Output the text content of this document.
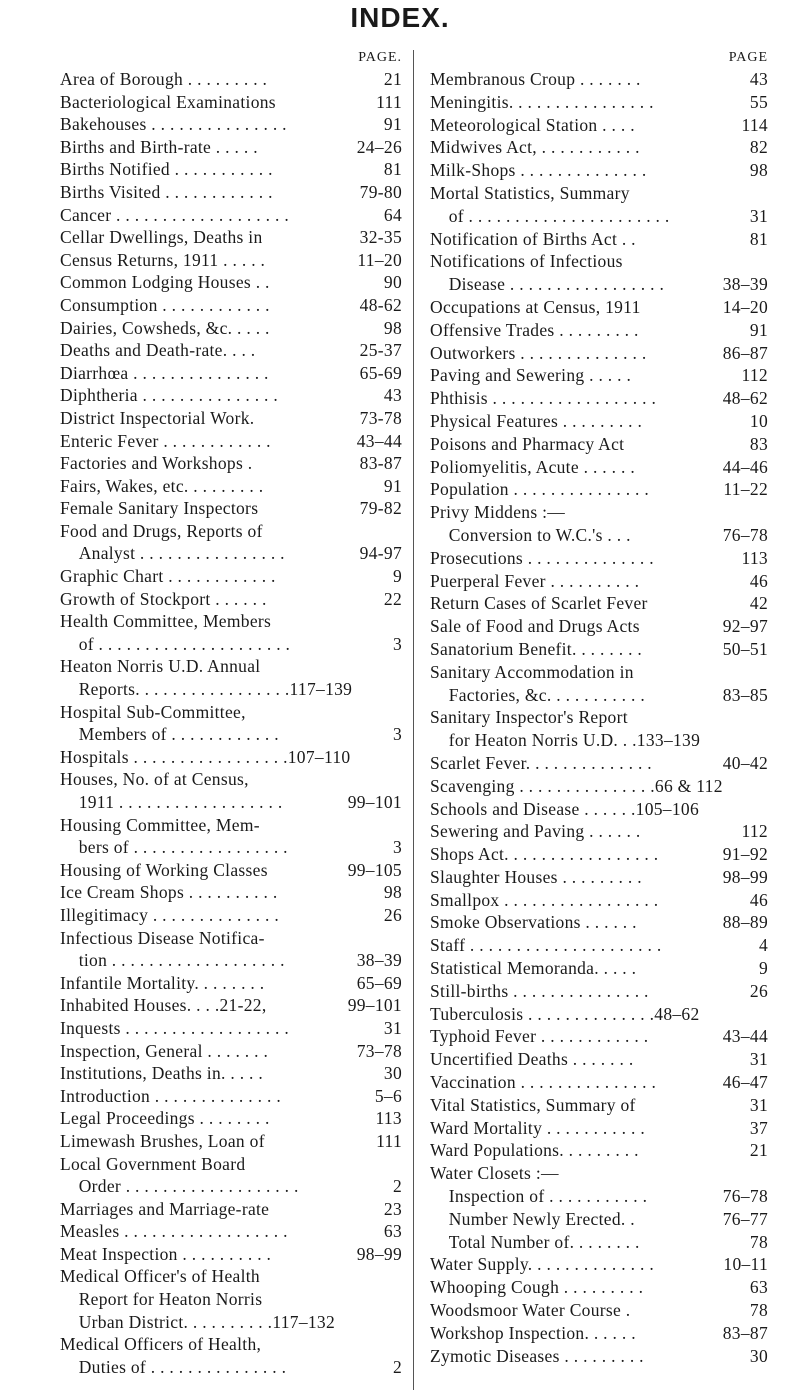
INDEX.
PAGE.
Area of Borough . . . . . . . . .	21
Bacteriological Examinations	111
Bakehouses . . . . . . . . . . . . . . .	91
Births and Birth-rate . . . . .	24–26
Births Notified . . . . . . . . . . .	81
Births Visited . . . . . . . . . . . .	79-80
Cancer . . . . . . . . . . . . . . . . . . .	64
Cellar Dwellings, Deaths in	32-35
Census Returns, 1911 . . . . .	11–20
Common Lodging Houses . .	90
Consumption . . . . . . . . . . . .	48-62
Dairies, Cowsheds, &c. . . . .	98
Deaths and Death-rate. . . .	25-37
Diarrhœa . . . . . . . . . . . . . . .	65-69
Diphtheria . . . . . . . . . . . . . . .	43
District Inspectorial Work.	73-78
Enteric Fever . . . . . . . . . . . .	43–44
Factories and Workshops .	83-87
Fairs, Wakes, etc. . . . . . . . .	91
Female Sanitary Inspectors	79-82
Food and Drugs, Reports of
Analyst . . . . . . . . . . . . . . . .	94-97
Graphic Chart . . . . . . . . . . . .	9
Growth of Stockport . . . . . .	22
Health Committee, Members
of . . . . . . . . . . . . . . . . . . . . .	3
Heaton Norris U.D. Annual
Reports. . . . . . . . . . . . . . . . .117–139
Hospital Sub-Committee,
Members of . . . . . . . . . . . .	3
Hospitals . . . . . . . . . . . . . . . . .107–110
Houses, No. of at Census,
1911 . . . . . . . . . . . . . . . . . .	99–101
Housing Committee, Mem-
bers of . . . . . . . . . . . . . . . . .	3
Housing of Working Classes	99–105
Ice Cream Shops . . . . . . . . . .	98
Illegitimacy . . . . . . . . . . . . . .	26
Infectious Disease Notifica-
tion . . . . . . . . . . . . . . . . . . .	38–39
Infantile Mortality. . . . . . . .	65–69
Inhabited Houses. . . .21-22,	99–101
Inquests . . . . . . . . . . . . . . . . . .	31
Inspection, General . . . . . . .	73–78
Institutions, Deaths in. . . . .	30
Introduction . . . . . . . . . . . . . .	5–6
Legal Proceedings . . . . . . . .	113
Limewash Brushes, Loan of	111
Local Government Board
Order . . . . . . . . . . . . . . . . . . .	2
Marriages and Marriage-rate	23
Measles . . . . . . . . . . . . . . . . . .	63
Meat Inspection . . . . . . . . . .	98–99
Medical Officer's of Health
Report for Heaton Norris
Urban District. . . . . . . . . .117–132
Medical Officers of Health,
Duties of . . . . . . . . . . . . . . .	2
PAGE
Membranous Croup . . . . . . .	43
Meningitis. . . . . . . . . . . . . . . .	55
Meteorological Station . . . .	114
Midwives Act, . . . . . . . . . . .	82
Milk-Shops . . . . . . . . . . . . . .	98
Mortal Statistics, Summary
of . . . . . . . . . . . . . . . . . . . . . .	31
Notification of Births Act . .	81
Notifications of Infectious
Disease . . . . . . . . . . . . . . . . .	38–39
Occupations at Census, 1911	14–20
Offensive Trades . . . . . . . . .	91
Outworkers . . . . . . . . . . . . . .	86–87
Paving and Sewering . . . . .	112
Phthisis . . . . . . . . . . . . . . . . . .	48–62
Physical Features . . . . . . . . .	10
Poisons and Pharmacy Act	83
Poliomyelitis, Acute . . . . . .	44–46
Population . . . . . . . . . . . . . . .	11–22
Privy Middens :—
Conversion to W.C.'s . . .	76–78
Prosecutions . . . . . . . . . . . . . .	113
Puerperal Fever . . . . . . . . . .	46
Return Cases of Scarlet Fever	42
Sale of Food and Drugs Acts	92–97
Sanatorium Benefit. . . . . . . .	50–51
Sanitary Accommodation in
Factories, &c. . . . . . . . . . .	83–85
Sanitary Inspector's Report
for Heaton Norris U.D. . .133–139
Scarlet Fever. . . . . . . . . . . . . .	40–42
Scavenging . . . . . . . . . . . . . . .66 & 112
Schools and Disease . . . . . .105–106
Sewering and Paving . . . . . .	112
Shops Act. . . . . . . . . . . . . . . . .	91–92
Slaughter Houses . . . . . . . . .	98–99
Smallpox . . . . . . . . . . . . . . . . .	46
Smoke Observations . . . . . .	88–89
Staff . . . . . . . . . . . . . . . . . . . . .	4
Statistical Memoranda. . . . .	9
Still-births . . . . . . . . . . . . . . .	26
Tuberculosis . . . . . . . . . . . . . .48–62
Typhoid Fever . . . . . . . . . . . .	43–44
Uncertified Deaths . . . . . . .	31
Vaccination . . . . . . . . . . . . . . .	46–47
Vital Statistics, Summary of	31
Ward Mortality . . . . . . . . . . .	37
Ward Populations. . . . . . . . .	21
Water Closets :—
Inspection of . . . . . . . . . . .	76–78
Number Newly Erected. .	76–77
Total Number of. . . . . . . .	78
Water Supply. . . . . . . . . . . . . .	10–11
Whooping Cough . . . . . . . . .	63
Woodsmoor Water Course .	78
Workshop Inspection. . . . . .	83–87
Zymotic Diseases . . . . . . . . .	30
